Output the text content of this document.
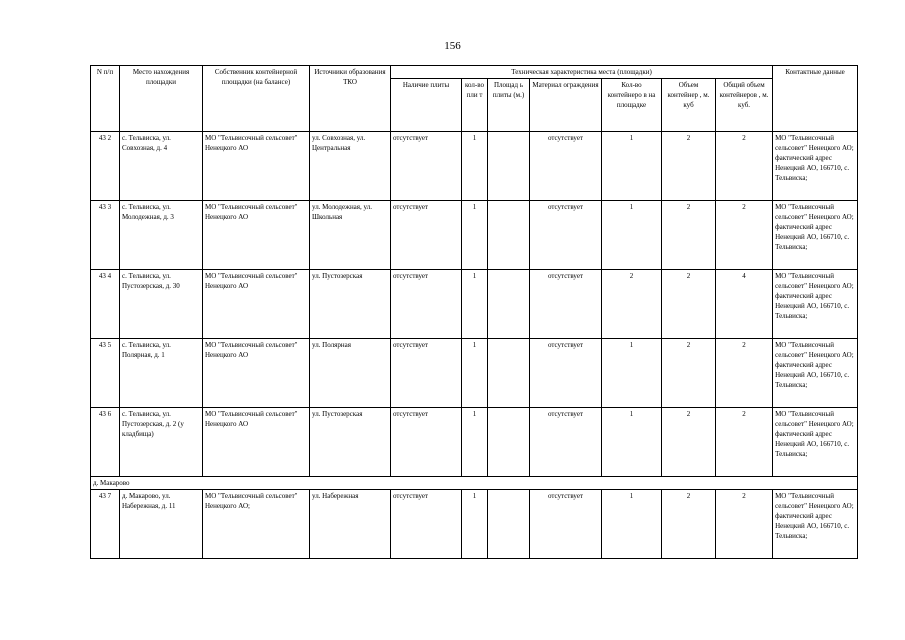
156
N п/п	Место нахождения площадки	Собственник контейнерной площадки (на балансе)	Источники образования ТКО	Техническая характеристика места (площадки)							Контактные данные
				Наличие плиты	кол-во пли т	Площад ь плиты (м.)	Материал ограждения	Кол-во контейнеро в на площадке	Объем контейнер , м. куб	Общий объем контейнеров , м. куб.	
43 2	с. Тельвиска, ул. Совхозная, д. 4	МО "Тельвисочный сельсовет" Ненецкого АО	ул. Совхозная, ул. Центральная	отсутствует	1		отсутствует	1	2	2	МО "Тельвисочный сельсовет" Ненецкого АО; фактический адрес Ненецкий АО, 166710, с. Тельвиска;
43 3	с. Тельвиска, ул. Молодежная, д. 3	МО "Тельвисочный сельсовет" Ненецкого АО	ул. Молодежная, ул. Школьная	отсутствует	1		отсутствует	1	2	2	МО "Тельвисочный сельсовет" Ненецкого АО; фактический адрес Ненецкий АО, 166710, с. Тельвиска;
43 4	с. Тельвиска, ул. Пустозерская, д. 30	МО "Тельвисочный сельсовет" Ненецкого АО	ул. Пустозерская	отсутствует	1		отсутствует	2	2	4	МО "Тельвисочный сельсовет" Ненецкого АО; фактический адрес Ненецкий АО, 166710, с. Тельвиска;
43 5	с. Тельвиска, ул. Полярная, д. 1	МО "Тельвисочный сельсовет" Ненецкого АО	ул. Полярная	отсутствует	1		отсутствует	1	2	2	МО "Тельвисочный сельсовет" Ненецкого АО; фактический адрес Ненецкий АО, 166710, с. Тельвиска;
43 6	с. Тельвиска, ул. Пустозерская, д. 2 (у кладбища)	МО "Тельвисочный сельсовет" Ненецкого АО	ул. Пустозерская	отсутствует	1		отсутствует	1	2	2	МО "Тельвисочный сельсовет" Ненецкого АО; фактический адрес Ненецкий АО, 166710, с. Тельвиска;
д. Макарово											
43 7	д. Макарово, ул. Набережная, д. 11	МО "Тельвисочный сельсовет" Ненецкого АО;	ул. Набережная	отсутствует	1		отсутствует	1	2	2	МО "Тельвисочный сельсовет" Ненецкого АО; фактический адрес Ненецкий АО, 166710, с. Тельвиска;
